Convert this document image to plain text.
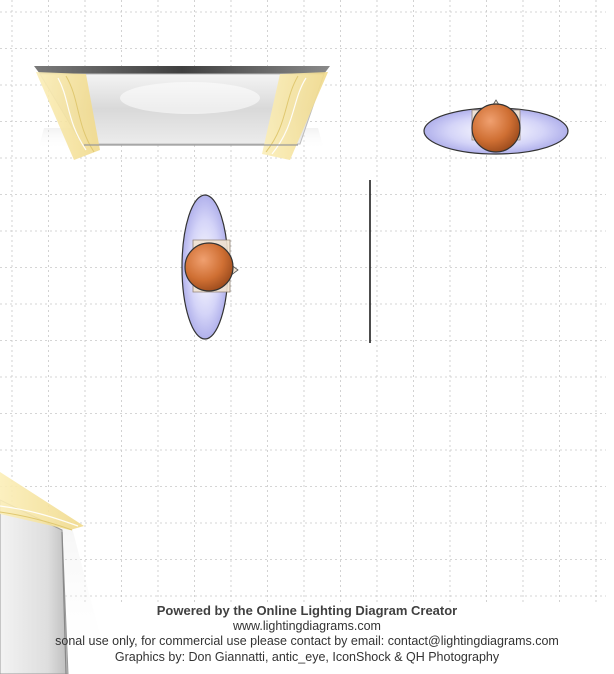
Powered by the Online Lighting Diagram Creator
www.lightingdiagrams.com
sonal use only, for commercial use please contact by email: contact@lightingdiagrams.com
Graphics by: Don Giannatti, antic_eye, IconShock & QH Photography
